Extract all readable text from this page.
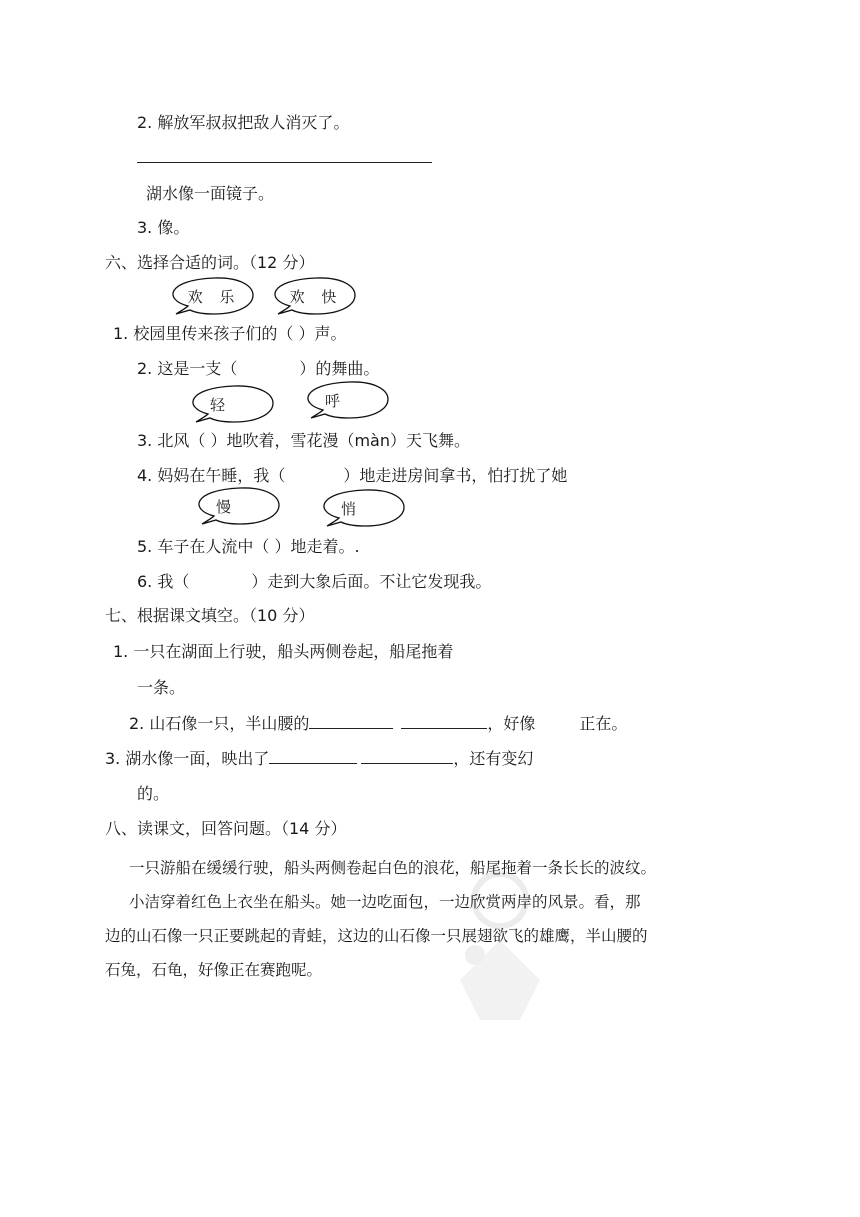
2. 解放军叔叔把敌人消灭了。
湖水像一面镜子。
3. 像。
六、选择合适的词。（12 分）
欢 乐	欢 快
1. 校园里传来孩子们的（ ）声。
2. 这是一支（	）的舞曲。
轻	呼
3. 北风（ ）地吹着，雪花漫（màn）天飞舞。
4. 妈妈在午睡，我（	）地走进房间拿书，怕打扰了她
慢	悄
5. 车子在人流中（ ）地走着。.
6. 我（	）走到大象后面。不让它发现我。
七、根据课文填空。（10 分）
1. 一只在湖面上行驶，船头两侧卷起，船尾拖着
一条。
2. 山石像一只，半山腰的	，好像	正在。
3. 湖水像一面，映出了	，还有变幻
的。
八、读课文，回答问题。（14 分）
一只游船在缓缓行驶，船头两侧卷起白色的浪花，船尾拖着一条长长的波纹。
小洁穿着红色上衣坐在船头。她一边吃面包，一边欣赏两岸的风景。看，那
边的山石像一只正要跳起的青蛙，这边的山石像一只展翅欲飞的雄鹰，半山腰的
石兔，石龟，好像正在赛跑呢。
